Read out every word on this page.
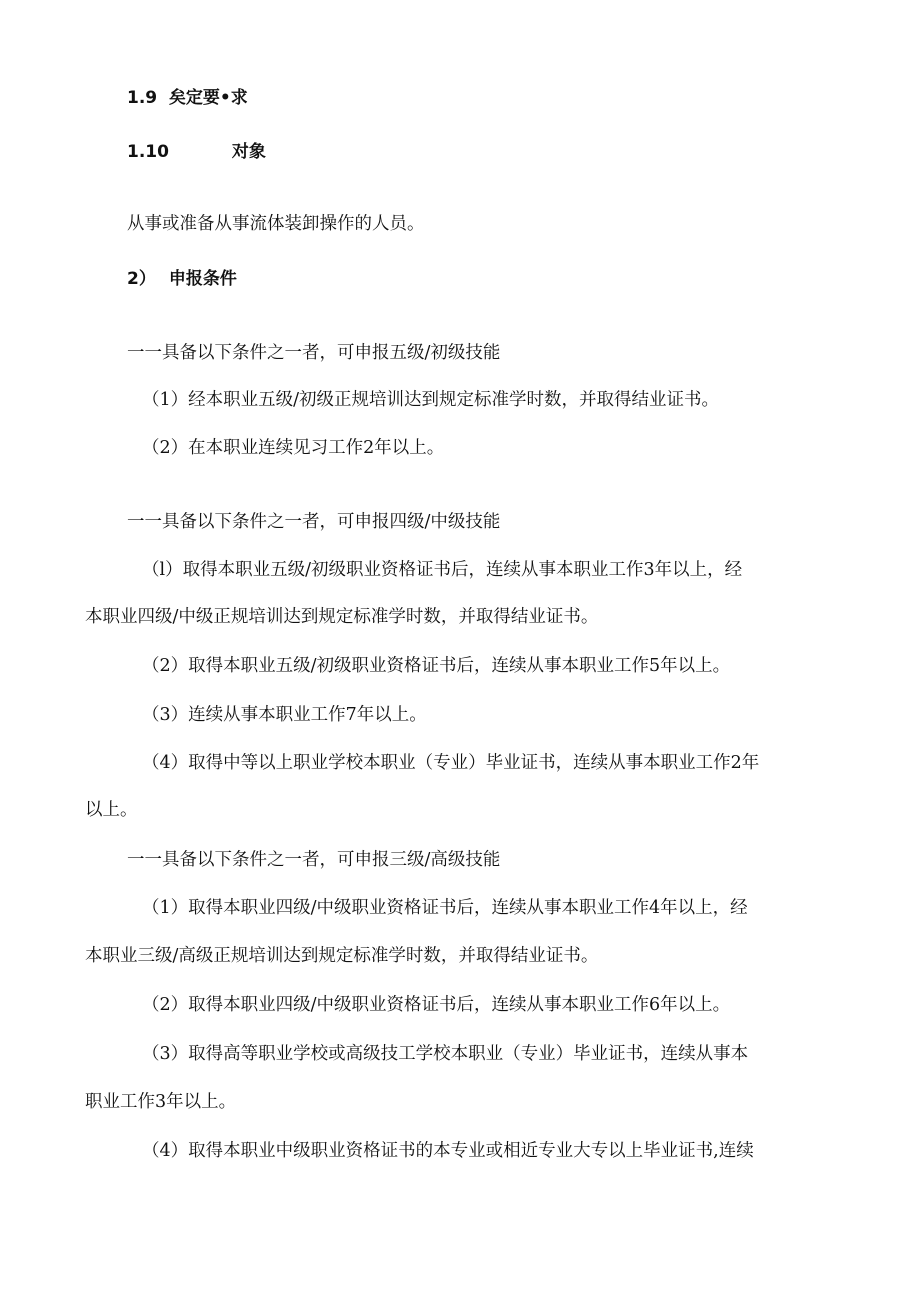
1.9 矣定要•求
1.10	对象
从事或准备从事流体装卸操作的人员。
2） 申报条件
一一具备以下条件之一者，可申报五级/初级技能
（1）经本职业五级/初级正规培训达到规定标准学时数，并取得结业证书。
（2）在本职业连续见习工作2年以上。
一一具备以下条件之一者，可申报四级/中级技能
（l）取得本职业五级/初级职业资格证书后，连续从事本职业工作3年以上，经
本职业四级/中级正规培训达到规定标准学时数，并取得结业证书。
（2）取得本职业五级/初级职业资格证书后，连续从事本职业工作5年以上。
（3）连续从事本职业工作7年以上。
（4）取得中等以上职业学校本职业（专业）毕业证书，连续从事本职业工作2年
以上。
一一具备以下条件之一者，可申报三级/高级技能
（1）取得本职业四级/中级职业资格证书后，连续从事本职业工作4年以上，经
本职业三级/高级正规培训达到规定标准学时数，并取得结业证书。
（2）取得本职业四级/中级职业资格证书后，连续从事本职业工作6年以上。
（3）取得高等职业学校或高级技工学校本职业（专业）毕业证书，连续从事本
职业工作3年以上。
（4）取得本职业中级职业资格证书的本专业或相近专业大专以上毕业证书,连续
